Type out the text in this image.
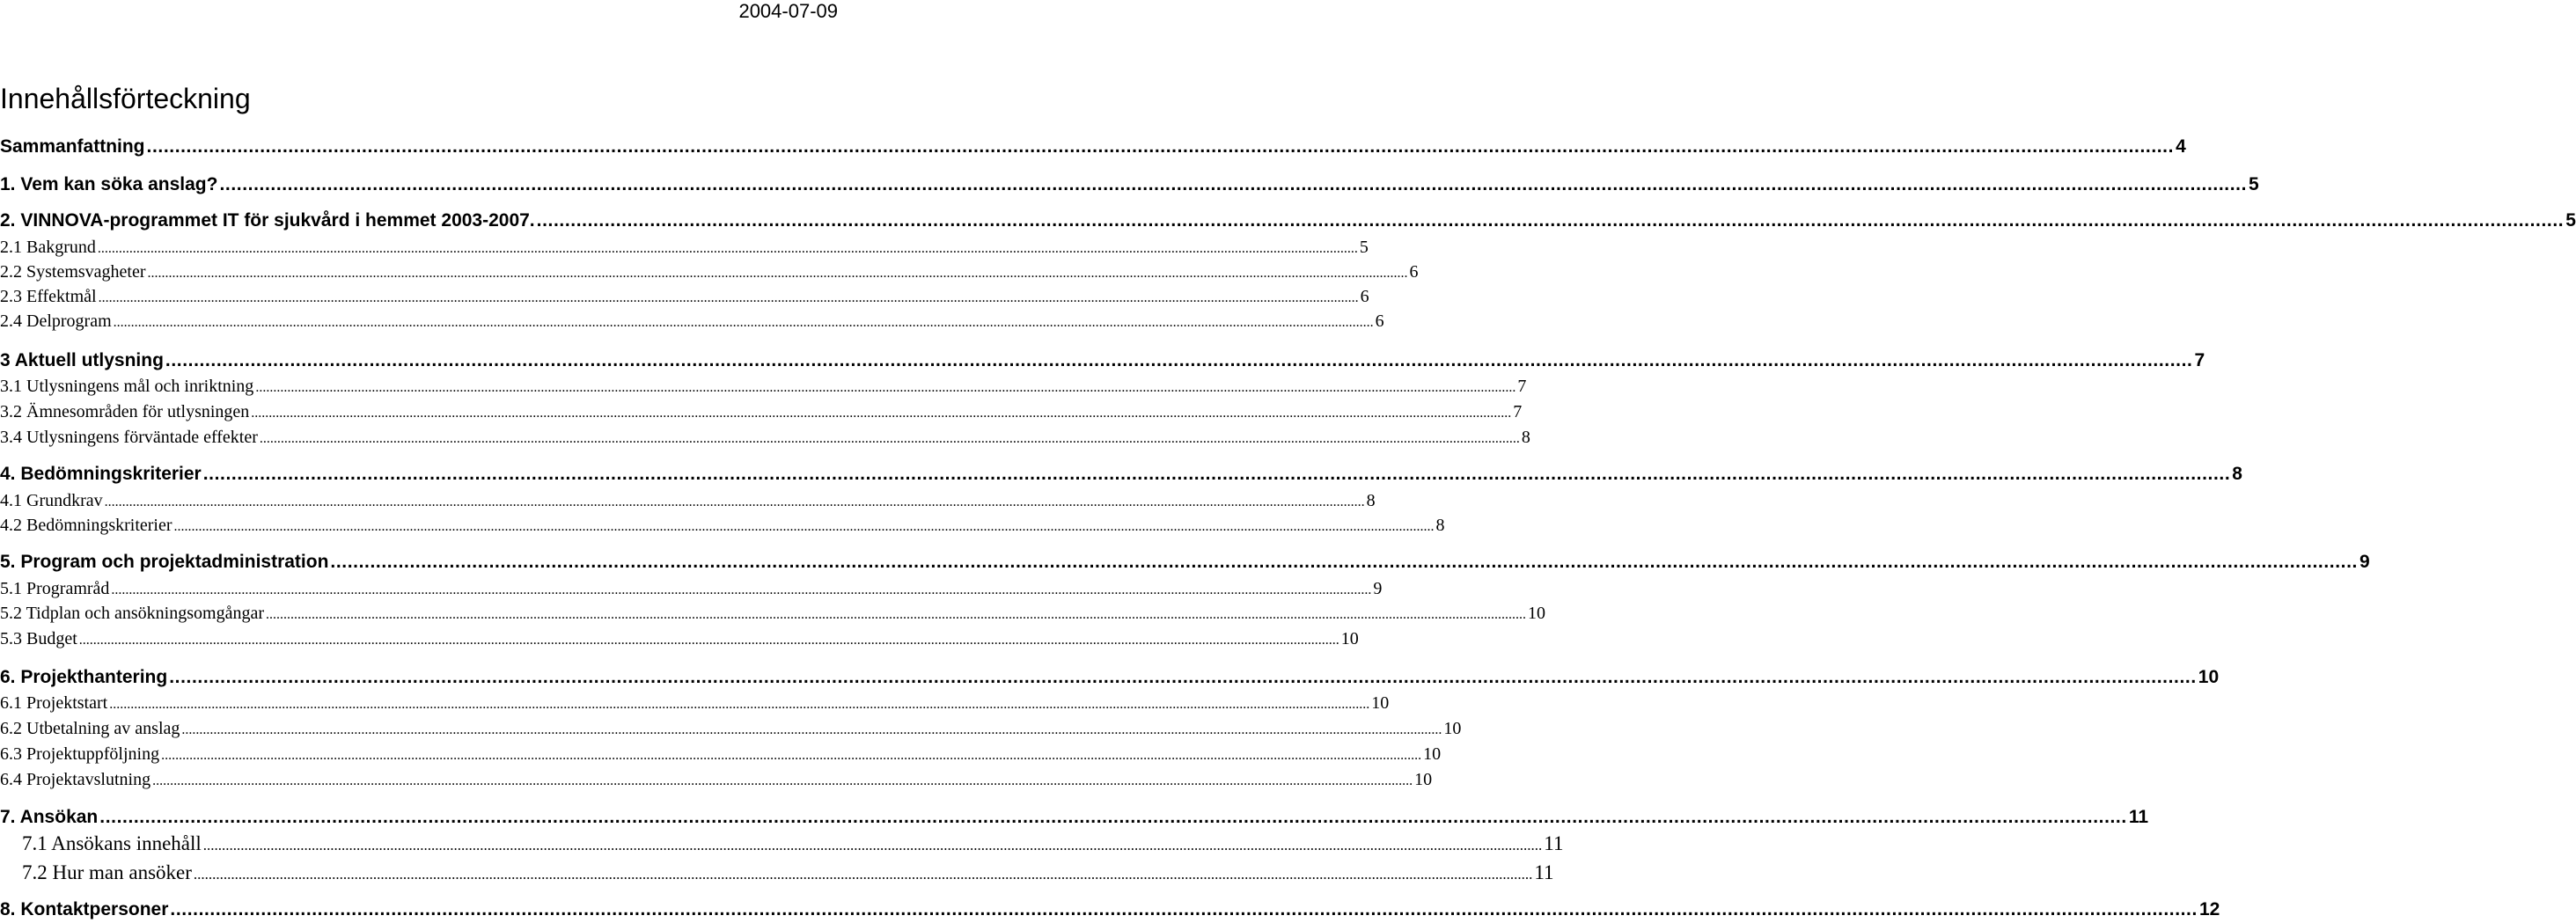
2004-07-09
Innehållsförteckning
Sammanfattning .....	4
1. Vem kan söka anslag? .....	5
2. VINNOVA-programmet IT för sjukvård i hemmet 2003-2007. .....	5
2.1 Bakgrund .....	5
2.2 Systemsvagheter .....	6
2.3 Effektmål .....	6
2.4 Delprogram .....	6
3 Aktuell utlysning .....	7
3.1 Utlysningens mål och inriktning .....	7
3.2 Ämnesområden för utlysningen .....	7
3.4 Utlysningens förväntade effekter .....	8
4. Bedömningskriterier .....	8
4.1 Grundkrav .....	8
4.2 Bedömningskriterier .....	8
5. Program och projektadministration .....	9
5.1 Programråd .....	9
5.2 Tidplan och ansökningsomgångar .....	10
5.3 Budget .....	10
6. Projekthantering .....	10
6.1 Projektstart .....	10
6.2 Utbetalning av anslag .....	10
6.3 Projektuppföljning .....	10
6.4 Projektavslutning .....	10
7. Ansökan .....	11
7.1 Ansökans innehåll .....	11
7.2 Hur man ansöker .....	11
8. Kontaktpersoner .....	12
